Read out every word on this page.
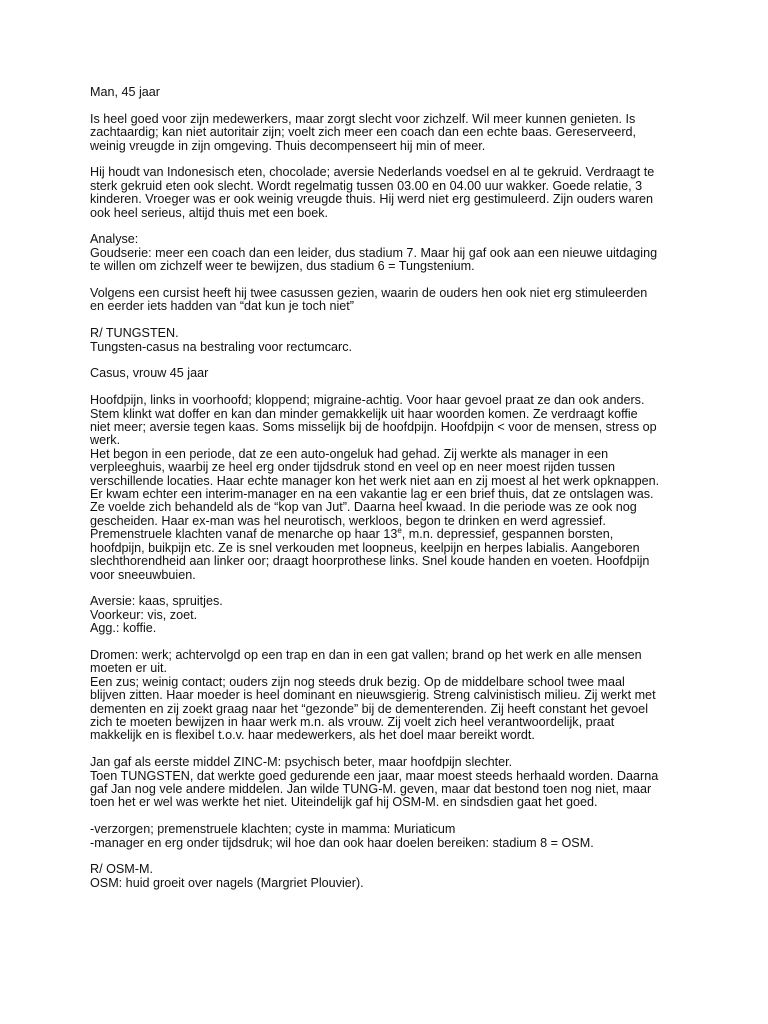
Man, 45 jaar

Is heel goed voor zijn medewerkers, maar zorgt slecht voor zichzelf. Wil meer kunnen genieten. Is
zachtaardig; kan niet autoritair zijn; voelt zich meer een coach dan een echte baas. Gereserveerd,
weinig vreugde in zijn omgeving. Thuis decompenseert hij min of meer.

Hij houdt van Indonesisch eten, chocolade; aversie Nederlands voedsel en al te gekruid. Verdraagt te
sterk gekruid eten ook slecht. Wordt regelmatig tussen 03.00 en 04.00 uur wakker. Goede relatie, 3
kinderen. Vroeger was er ook weinig vreugde thuis. Hij werd niet erg gestimuleerd. Zijn ouders waren
ook heel serieus, altijd thuis met een boek.

Analyse:
Goudserie: meer een coach dan een leider, dus stadium 7. Maar hij gaf ook aan een nieuwe uitdaging
te willen om zichzelf weer te bewijzen, dus stadium 6 = Tungstenium.

Volgens een cursist heeft hij twee casussen gezien, waarin de ouders hen ook niet erg stimuleerden
en eerder iets hadden van “dat kun je toch niet”

R/ TUNGSTEN.
Tungsten-casus na bestraling voor rectumcarc.

Casus, vrouw 45 jaar

Hoofdpijn, links in voorhoofd; kloppend; migraine-achtig. Voor haar gevoel praat ze dan ook anders.
Stem klinkt wat doffer en kan dan minder gemakkelijk uit haar woorden komen. Ze verdraagt koffie
niet meer; aversie tegen kaas. Soms misselijk bij de hoofdpijn. Hoofdpijn < voor de mensen, stress op
werk.
Het begon in een periode, dat ze een auto-ongeluk had gehad. Zij werkte als manager in een
verpleeghuis, waarbij ze heel erg onder tijdsdruk stond en veel op en neer moest rijden tussen
verschillende locaties. Haar echte manager kon het werk niet aan en zij moest al het werk opknappen.
Er kwam echter een interim-manager en na een vakantie lag er een brief thuis, dat ze ontslagen was.
Ze voelde zich behandeld als de “kop van Jut”. Daarna heel kwaad. In die periode was ze ook nog
gescheiden. Haar ex-man was hel neurotisch, werkloos, begon te drinken en werd agressief.
Premenstruele klachten vanaf de menarche op haar 13e, m.n. depressief, gespannen borsten,
hoofdpijn, buikpijn etc. Ze is snel verkouden met loopneus, keelpijn en herpes labialis. Aangeboren
slechthorendheid aan linker oor; draagt hoorprothese links. Snel koude handen en voeten. Hoofdpijn
voor sneeuwbuien.

Aversie: kaas, spruitjes.
Voorkeur: vis, zoet.
Agg.: koffie.

Dromen: werk; achtervolgd op een trap en dan in een gat vallen; brand op het werk en alle mensen
moeten er uit.
Een zus; weinig contact; ouders zijn nog steeds druk bezig. Op de middelbare school twee maal
blijven zitten. Haar moeder is heel dominant en nieuwsgierig. Streng calvinistisch milieu. Zij werkt met
dementen en zij zoekt graag naar het “gezonde” bij de dementerenden. Zij heeft constant het gevoel
zich te moeten bewijzen in haar werk m.n. als vrouw. Zij voelt zich heel verantwoordelijk, praat
makkelijk en is flexibel t.o.v. haar medewerkers, als het doel maar bereikt wordt.

Jan gaf als eerste middel ZINC-M: psychisch beter, maar hoofdpijn slechter.
Toen TUNGSTEN, dat werkte goed gedurende een jaar, maar moest steeds herhaald worden. Daarna
gaf Jan nog vele andere middelen. Jan wilde TUNG-M. geven, maar dat bestond toen nog niet, maar
toen het er wel was werkte het niet. Uiteindelijk gaf hij OSM-M. en sindsdien gaat het goed.

-verzorgen; premenstruele klachten; cyste in mamma: Muriaticum
-manager en erg onder tijdsdruk; wil hoe dan ook haar doelen bereiken: stadium 8 = OSM.

R/ OSM-M.
OSM: huid groeit over nagels (Margriet Plouvier).
